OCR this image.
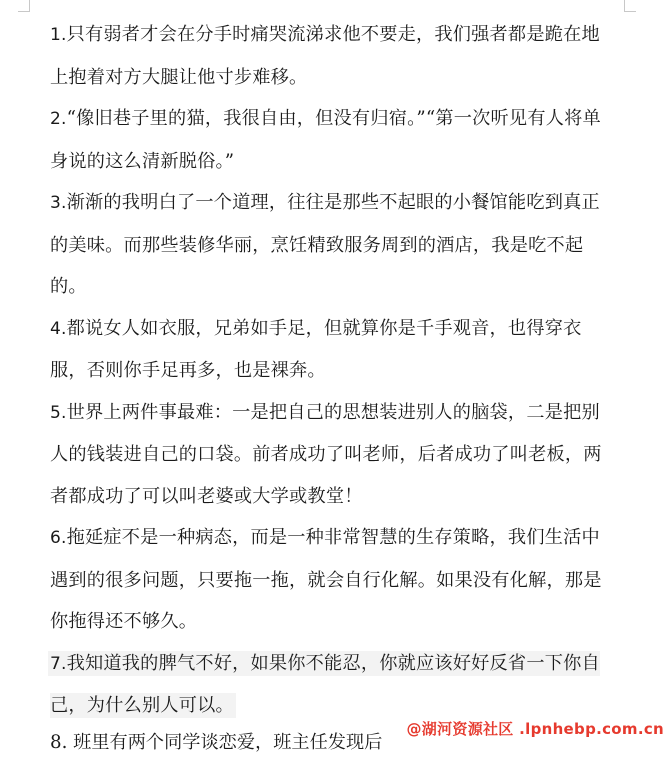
1.只有弱者才会在分手时痛哭流涕求他不要走，我们强者都是跪在地上抱着对方大腿让他寸步难移。

2.“像旧巷子里的猫，我很自由，但没有归宿。”“第一次听见有人将单身说的这么清新脱俗。”

3.渐渐的我明白了一个道理，往往是那些不起眼的小餐馆能吃到真正的美味。而那些装修华丽，烹饪精致服务周到的酒店，我是吃不起的。

4.都说女人如衣服，兄弟如手足，但就算你是千手观音，也得穿衣服，否则你手足再多，也是裸奔。

5.世界上两件事最难：一是把自己的思想装进别人的脑袋，二是把别人的钱装进自己的口袋。前者成功了叫老师，后者成功了叫老板，两者都成功了可以叫老婆或大学或教堂！

6.拖延症不是一种病态，而是一种非常智慧的生存策略，我们生活中遇到的很多问题，只要拖一拖，就会自行化解。如果没有化解，那是你拖得还不够久。

7.我知道我的脾气不好，如果你不能忍，你就应该好好反省一下你自己，为什么别人可以。

8. 班里有两个同学谈恋爱，班主任发现后
@湖河资源社区 .lpnhebp.com.cn
